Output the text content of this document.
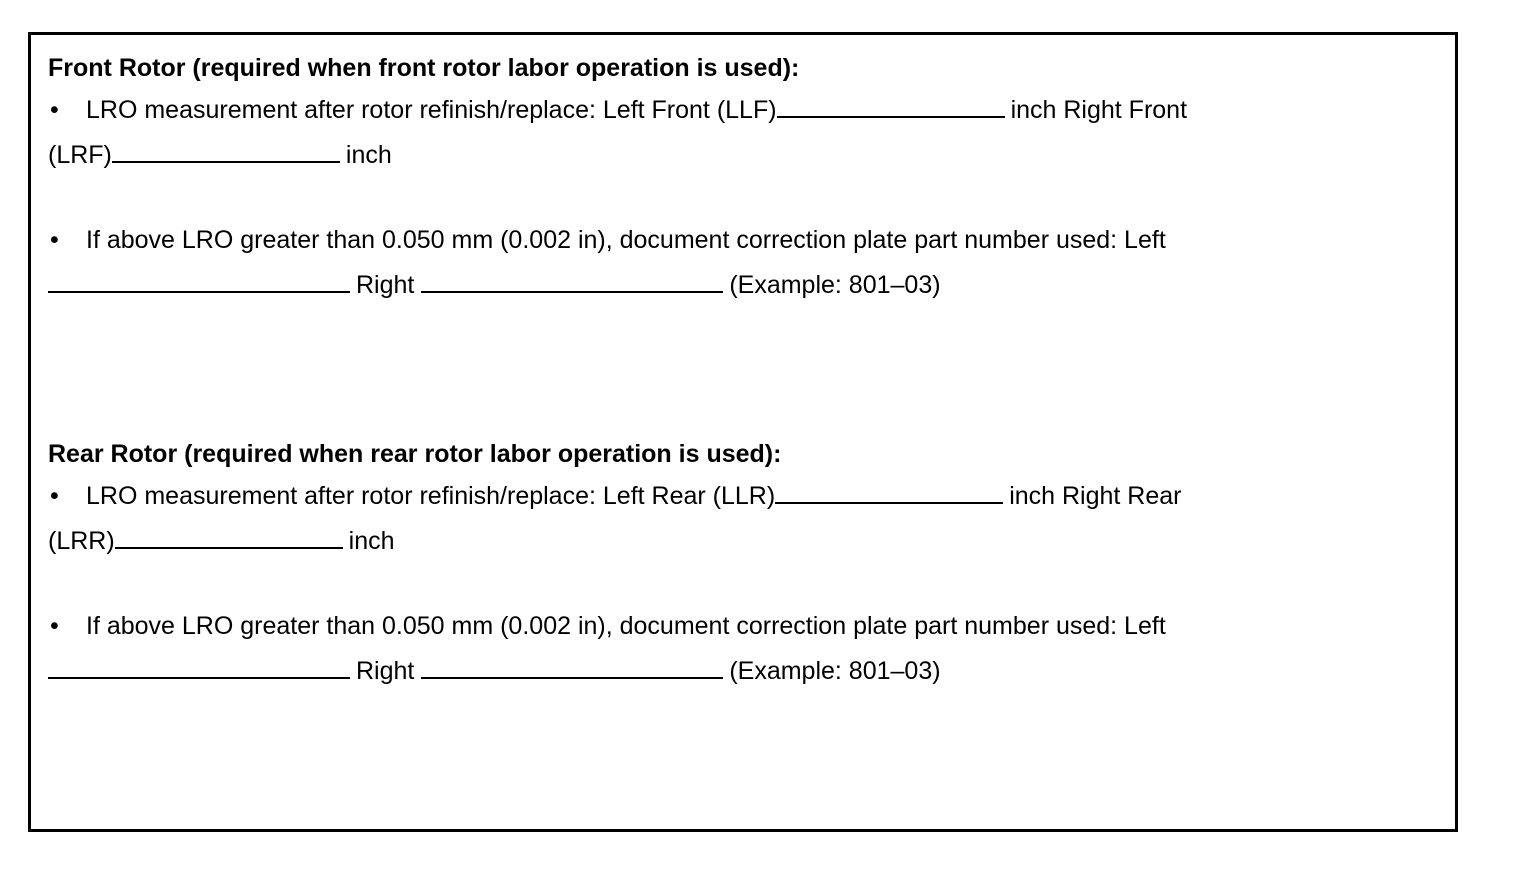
Front Rotor (required when front rotor labor operation is used):
• LRO measurement after rotor refinish/replace: Left Front (LLF)	inch Right Front
(LRF)	inch
• If above LRO greater than 0.050 mm (0.002 in), document correction plate part number used: Left
Right	(Example: 801–03)
Rear Rotor (required when rear rotor labor operation is used):
• LRO measurement after rotor refinish/replace: Left Rear (LLR)	inch Right Rear
(LRR)	inch
• If above LRO greater than 0.050 mm (0.002 in), document correction plate part number used: Left
Right	(Example: 801–03)
